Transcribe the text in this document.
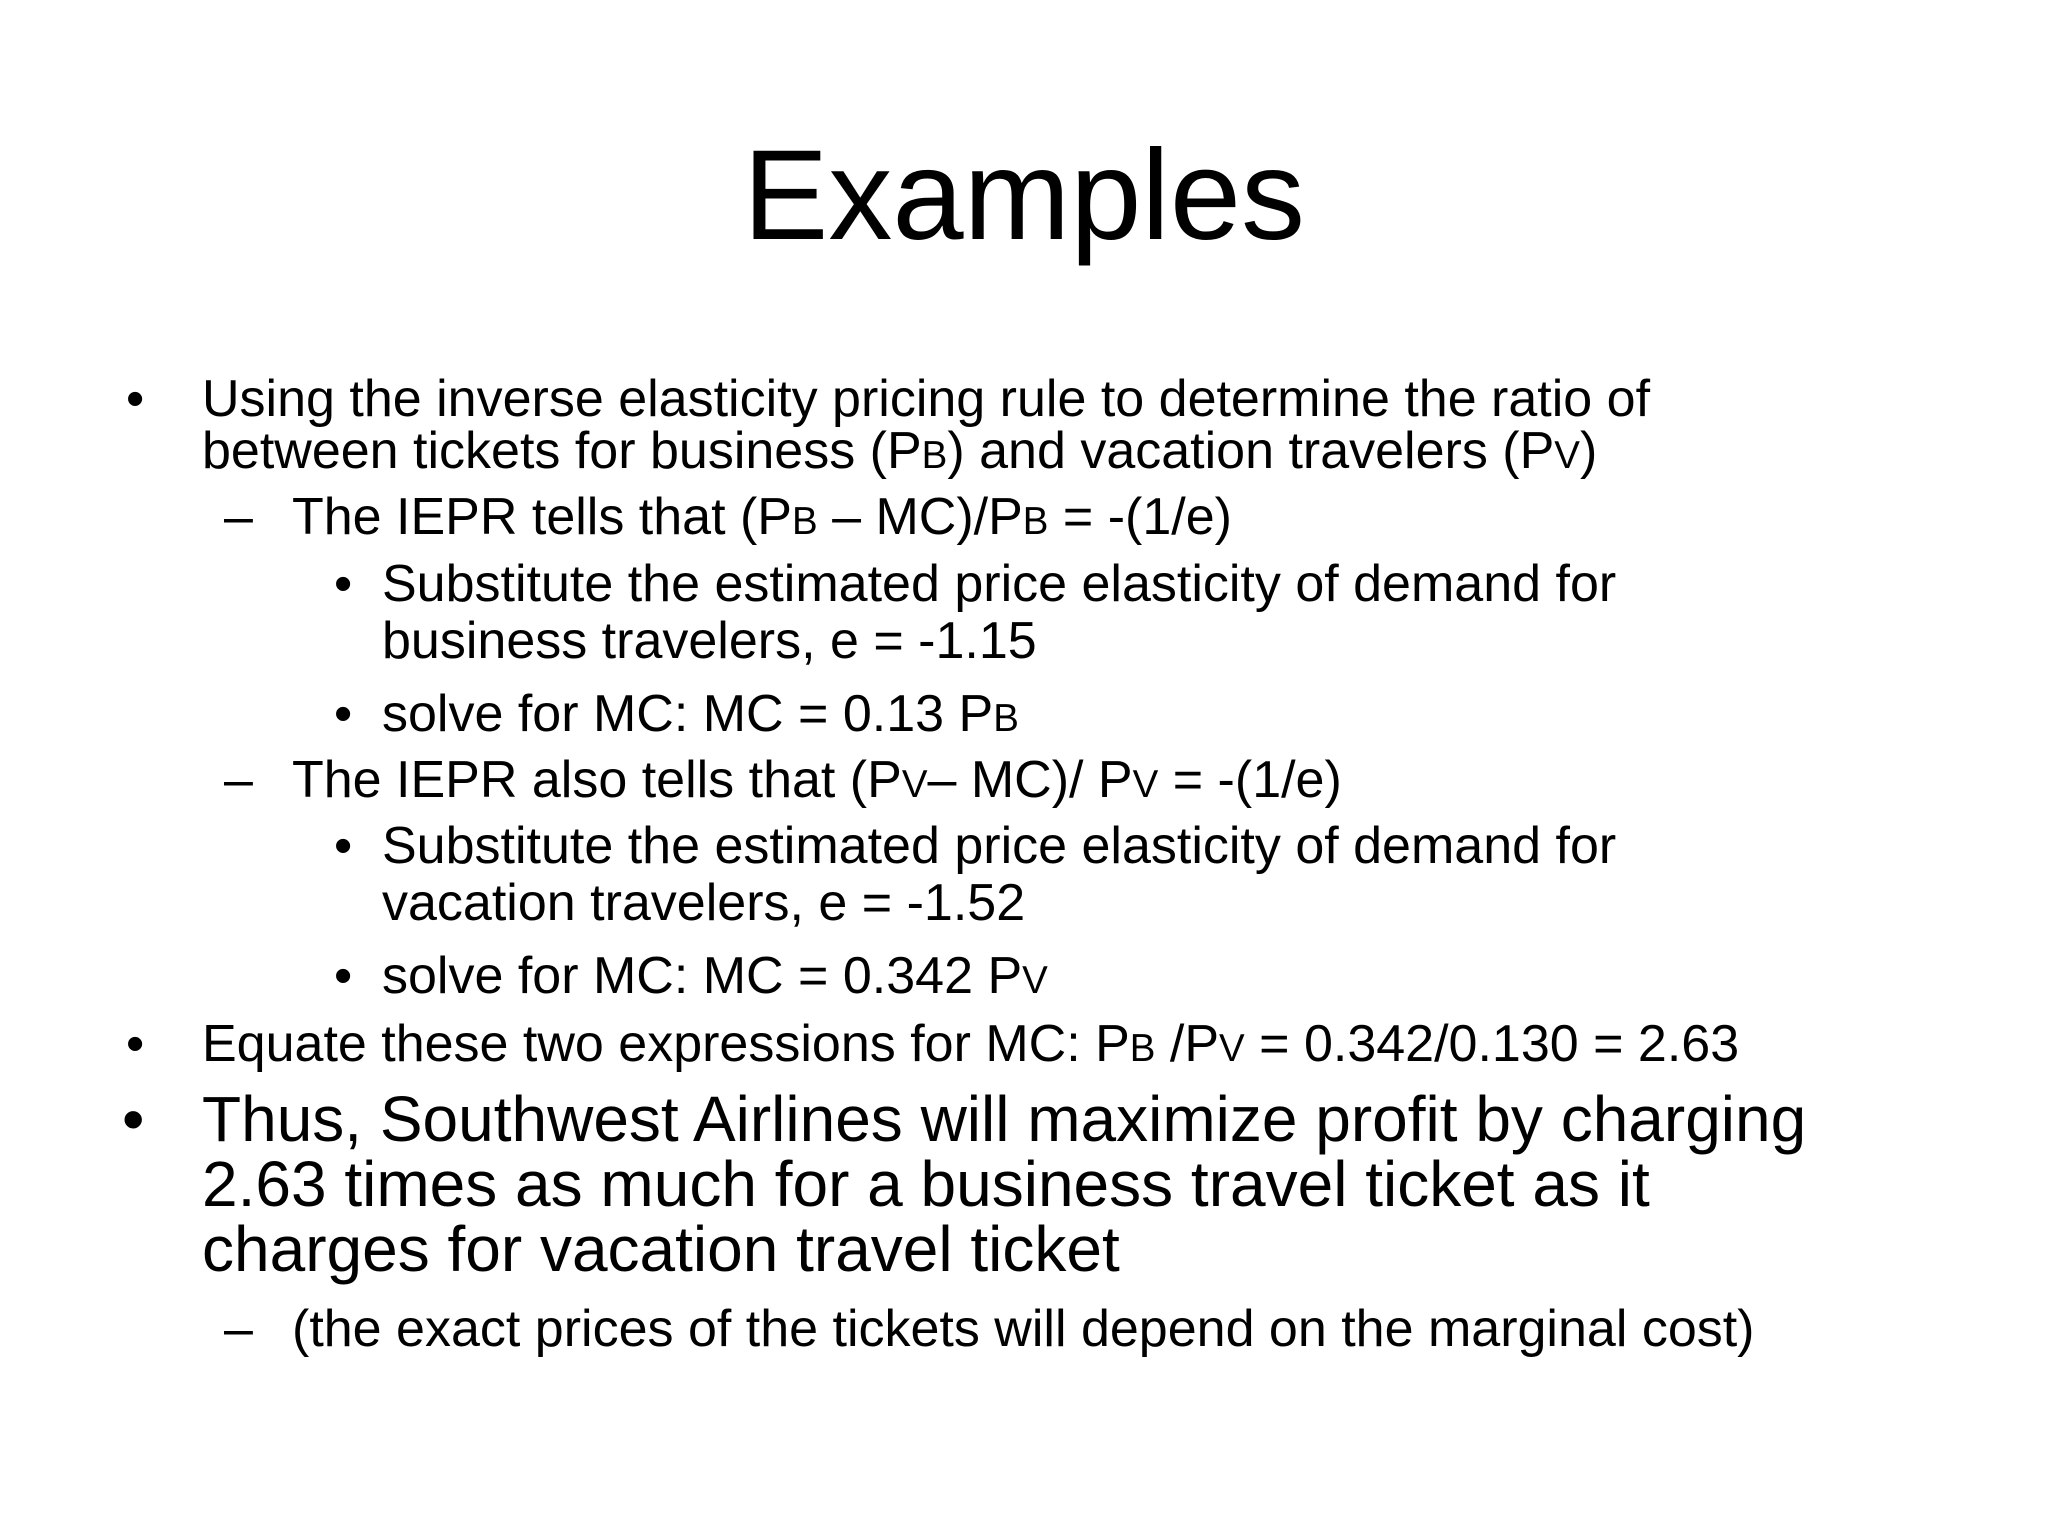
Examples
• Using the inverse elasticity pricing rule to determine the ratio of
between tickets for business (PB) and vacation travelers (PV)
– The IEPR tells that (PB – MC)/PB = -(1/e)
• Substitute the estimated price elasticity of demand for
business travelers, e = -1.15
• solve for MC: MC = 0.13 PB
– The IEPR also tells that (PV– MC)/ PV = -(1/e)
• Substitute the estimated price elasticity of demand for
vacation travelers, e = -1.52
• solve for MC: MC = 0.342 PV
• Equate these two expressions for MC: PB /PV = 0.342/0.130 = 2.63
• Thus, Southwest Airlines will maximize profit by charging
2.63 times as much for a business travel ticket as it
charges for vacation travel ticket
– (the exact prices of the tickets will depend on the marginal cost)
